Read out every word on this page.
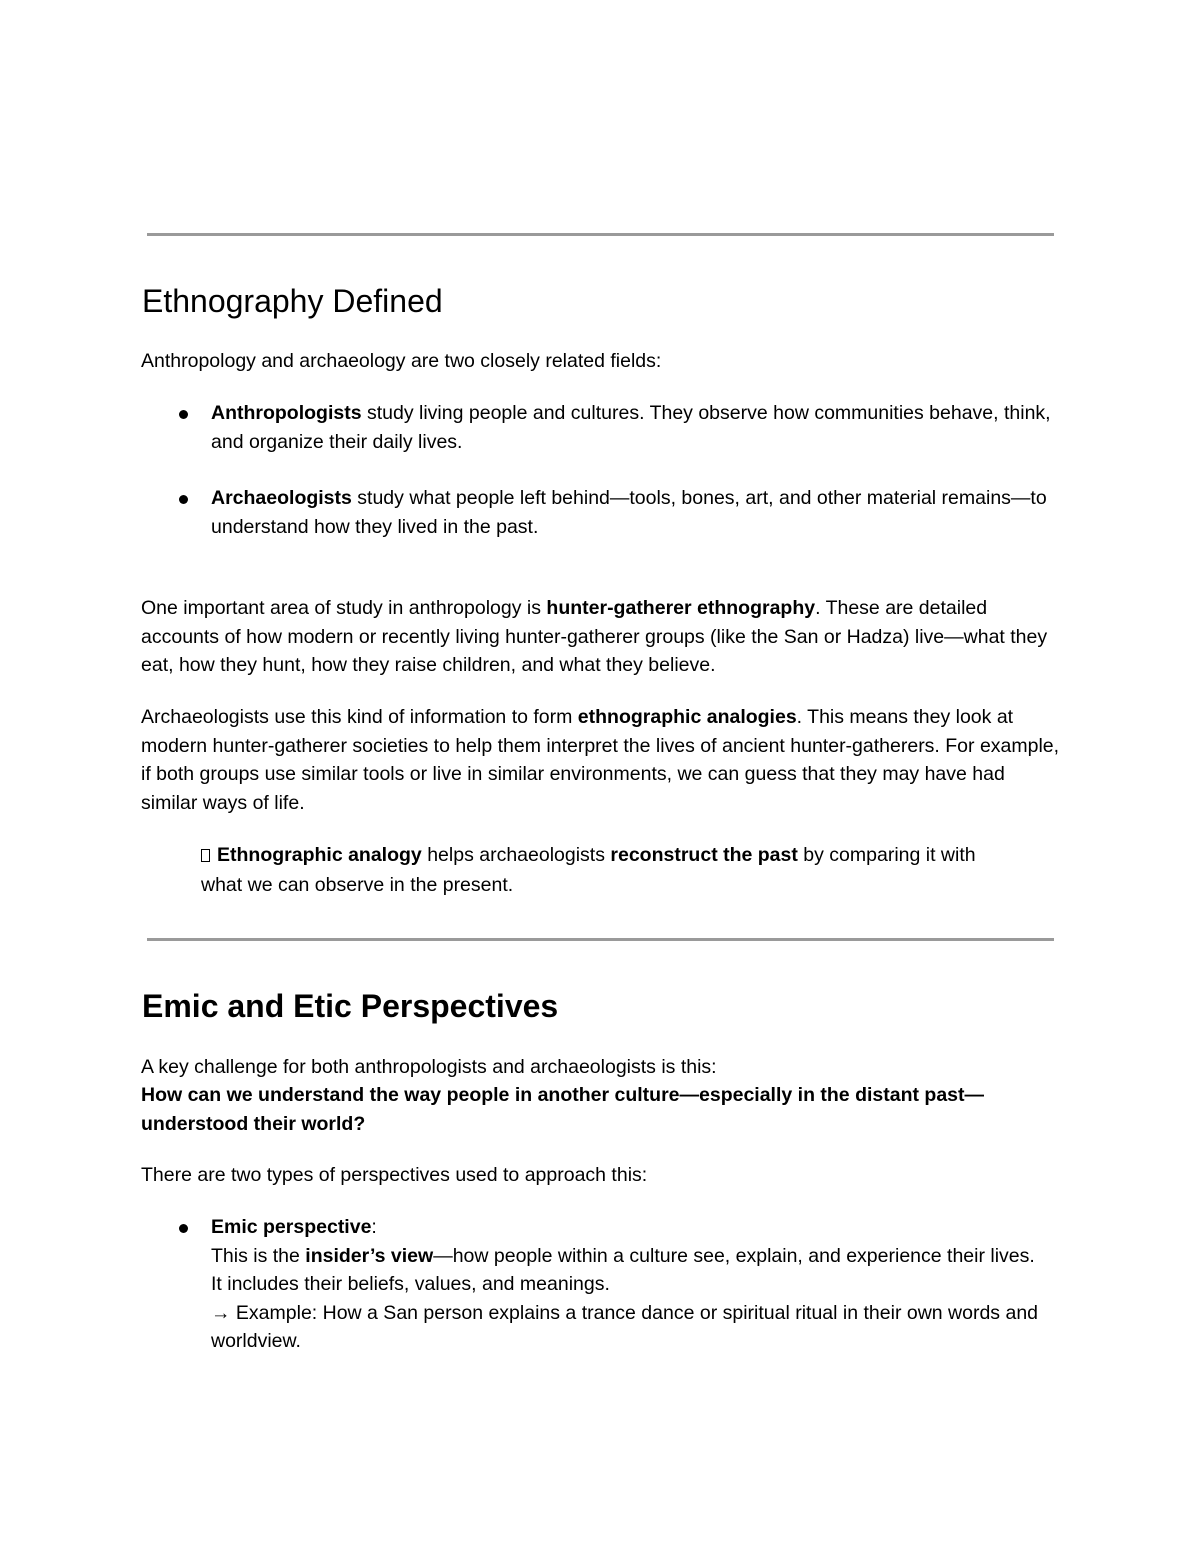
Ethnography Defined

Anthropology and archaeology are two closely related fields:

Anthropologists study living people and cultures. They observe how communities behave, think, and organize their daily lives.
Archaeologists study what people left behind—tools, bones, art, and other material remains—to understand how they lived in the past.

One important area of study in anthropology is hunter-gatherer ethnography. These are detailed accounts of how modern or recently living hunter-gatherer groups (like the San or Hadza) live—what they eat, how they hunt, how they raise children, and what they believe.

Archaeologists use this kind of information to form ethnographic analogies. This means they look at modern hunter-gatherer societies to help them interpret the lives of ancient hunter-gatherers. For example, if both groups use similar tools or live in similar environments, we can guess that they may have had similar ways of life.

Ethnographic analogy helps archaeologists reconstruct the past by comparing it with what we can observe in the present.
Emic and Etic Perspectives

A key challenge for both anthropologists and archaeologists is this:

How can we understand the way people in another culture—especially in the distant past—understood their world?

There are two types of perspectives used to approach this:

Emic perspective:
This is the insider’s view—how people within a culture see, explain, and experience their lives. It includes their beliefs, values, and meanings.
→ Example: How a San person explains a trance dance or spiritual ritual in their own words and worldview.
